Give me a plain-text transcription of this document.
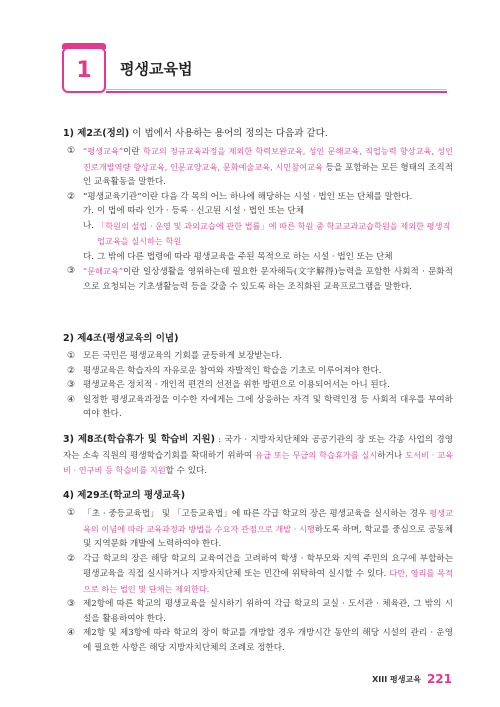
1	평생교육법
1) 제2조(정의) 이 법에서 사용하는 용어의 정의는 다음과 같다.
① “평생교육”이란 학교의 정규교육과정을 제외한 학력보완교육, 성인 문해교육, 직업능력 향상교육, 성인 진로개발역량 향상교육, 인문교양교육, 문화예술교육, 시민참여교육 등을 포함하는 모든 형태의 조직적인 교육활동을 말한다.
② “평생교육기관”이란 다음 각 목의 어느 하나에 해당하는 시설 · 법인 또는 단체를 말한다.
가. 이 법에 따라 인가 · 등록 · 신고된 시설 · 법인 또는 단체
나. 「학원의 설립 · 운영 및 과외교습에 관한 법률」에 따른 학원 중 학교교과교습학원을 제외한 평생직업교육을 실시하는 학원
다. 그 밖에 다른 법령에 따라 평생교육을 주된 목적으로 하는 시설 · 법인 또는 단체
③ “문해교육”이란 일상생활을 영위하는데 필요한 문자해득(文字解得)능력을 포함한 사회적 · 문화적으로 요청되는 기초생활능력 등을 갖출 수 있도록 하는 조직화된 교육프로그램을 말한다.
2) 제4조(평생교육의 이념)
① 모든 국민은 평생교육의 기회를 균등하게 보장받는다.
② 평생교육은 학습자의 자유로운 참여와 자발적인 학습을 기초로 이루어져야 한다.
③ 평생교육은 정치적 · 개인적 편견의 선전을 위한 방편으로 이용되어서는 아니 된다.
④ 일정한 평생교육과정을 이수한 자에게는 그에 상응하는 자격 및 학력인정 등 사회적 대우를 부여하여야 한다.
3) 제8조(학습휴가 및 학습비 지원) : 국가 · 지방자치단체와 공공기관의 장 또는 각종 사업의 경영자는 소속 직원의 평생학습기회를 확대하기 위하여 유급 또는 무급의 학습휴가를 실시하거나 도서비 · 교육비 · 연구비 등 학습비를 지원할 수 있다.
4) 제29조(학교의 평생교육)
① 「초 · 중등교육법」 및 「고등교육법」에 따른 각급 학교의 장은 평생교육을 실시하는 경우 평생교육의 이념에 따라 교육과정과 방법을 수요자 관점으로 개발 · 시행하도록 하며, 학교를 중심으로 공동체 및 지역문화 개발에 노력하여야 한다.
② 각급 학교의 장은 해당 학교의 교육여건을 고려하여 학생 · 학부모와 지역 주민의 요구에 부합하는 평생교육을 직접 실시하거나 지방자치단체 또는 민간에 위탁하여 실시할 수 있다. 다만, 영리를 목적으로 하는 법인 및 단체는 제외한다.
③ 제2항에 따른 학교의 평생교육을 실시하기 위하여 각급 학교의 교실 · 도서관 · 체육관, 그 밖의 시설을 활용하여야 한다.
④ 제2항 및 제3항에 따라 학교의 장이 학교를 개방할 경우 개방시간 동안의 해당 시설의 관리 · 운영에 필요한 사항은 해당 지방자치단체의 조례로 정한다.
XIII 평생교육 221
